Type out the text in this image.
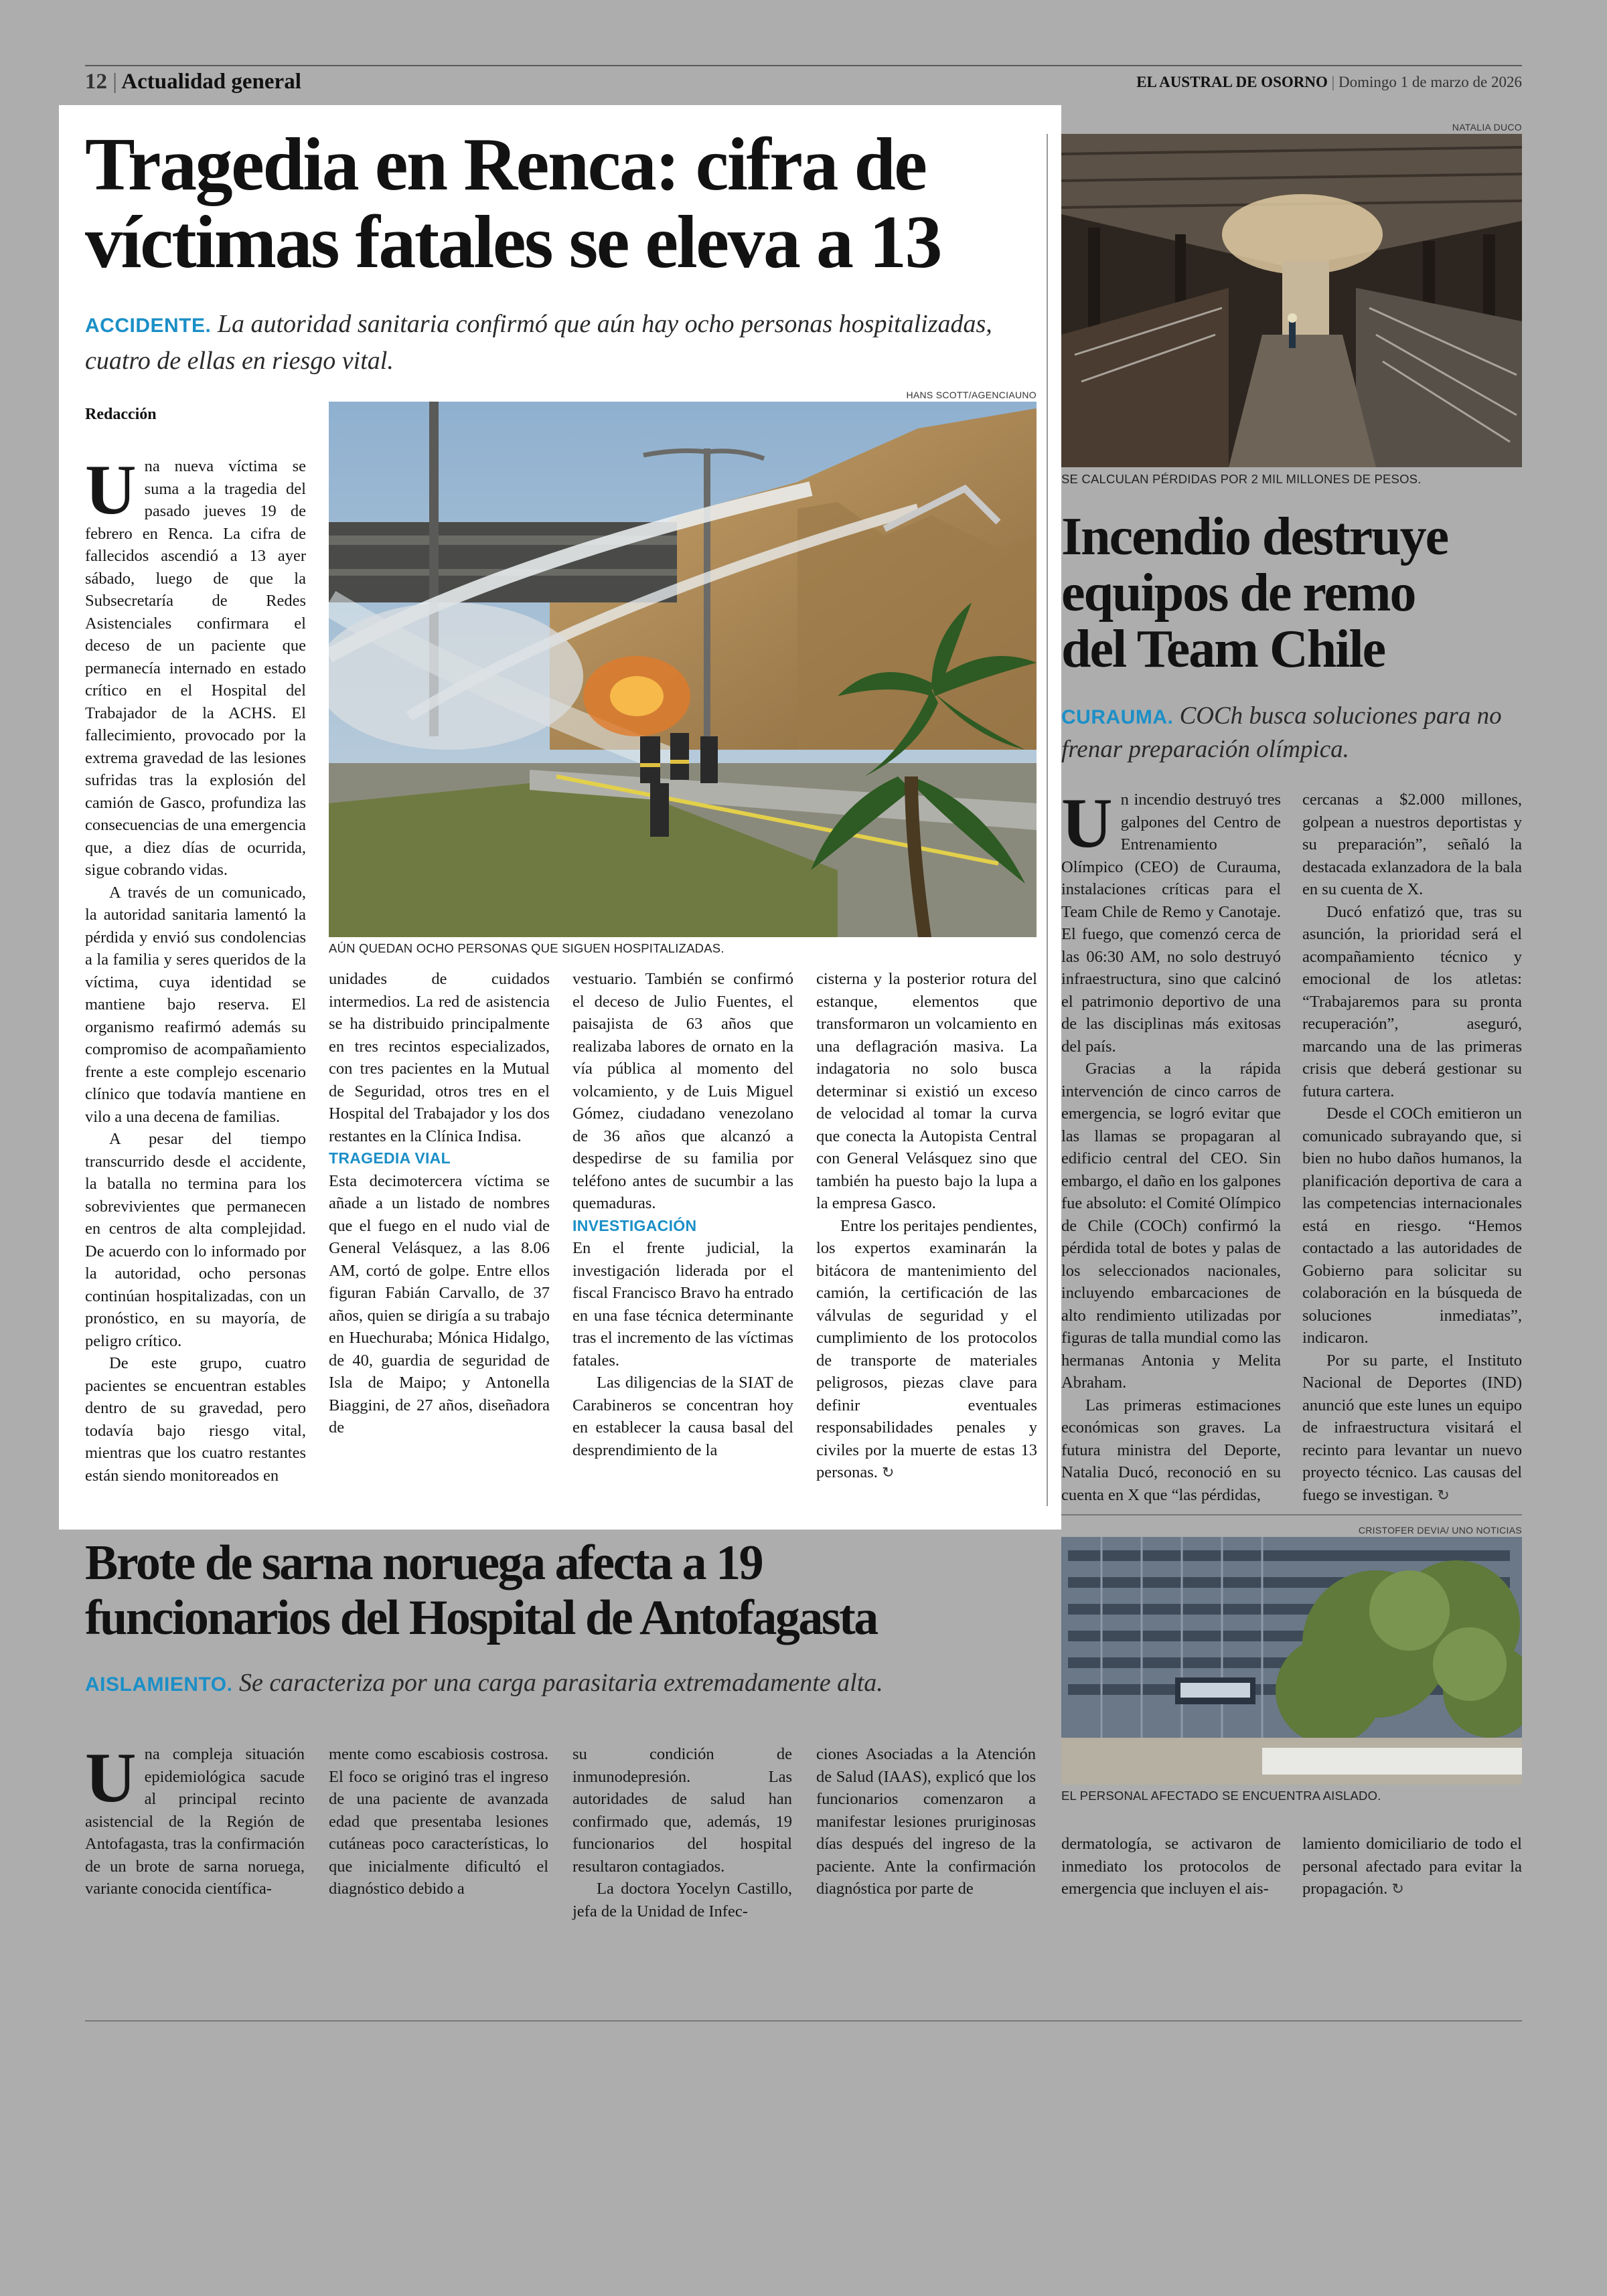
12 | Actualidad general	EL AUSTRAL DE OSORNO | Domingo 1 de marzo de 2026
Tragedia en Renca: cifra de
víctimas fatales se eleva a 13
ACCIDENTE. La autoridad sanitaria confirmó que aún hay ocho personas hospitalizadas, cuatro de ellas en riesgo vital.
Redacción
HANS SCOTT/AGENCIAUNO
AÚN QUEDAN OCHO PERSONAS QUE SIGUEN HOSPITALIZADAS.

Una nueva víctima se suma a la tragedia del pasado jueves 19 de febrero en Renca. La cifra de fallecidos ascendió a 13 ayer sábado, luego de que la Subsecretaría de Redes Asistenciales confirmara el deceso de un paciente que permanecía internado en estado crítico en el Hospital del Trabajador de la ACHS. El fallecimiento, provocado por la extrema gravedad de las lesiones sufridas tras la explosión del camión de Gasco, profundiza las consecuencias de una emergencia que, a diez días de ocurrida, sigue cobrando vidas.

A través de un comunicado, la autoridad sanitaria lamentó la pérdida y envió sus condolencias a la familia y seres queridos de la víctima, cuya identidad se mantiene bajo reserva. El organismo reafirmó además su compromiso de acompañamiento frente a este complejo escenario clínico que todavía mantiene en vilo a una decena de familias.

A pesar del tiempo transcurrido desde el accidente, la batalla no termina para los sobrevivientes que permanecen en centros de alta complejidad. De acuerdo con lo informado por la autoridad, ocho personas continúan hospitalizadas, con un pronóstico, en su mayoría, de peligro crítico.

De este grupo, cuatro pacientes se encuentran estables dentro de su gravedad, pero todavía bajo riesgo vital, mientras que los cuatro restantes están siendo monitoreados en

unidades de cuidados intermedios. La red de asistencia se ha distribuido principalmente en tres recintos especializados, con tres pacientes en la Mutual de Seguridad, otros tres en el Hospital del Trabajador y los dos restantes en la Clínica Indisa.

TRAGEDIA VIAL

Esta decimotercera víctima se añade a un listado de nombres que el fuego en el nudo vial de General Velásquez, a las 8.06 AM, cortó de golpe. Entre ellos figuran Fabián Carvallo, de 37 años, quien se dirigía a su trabajo en Huechuraba; Mónica Hidalgo, de 40, guardia de seguridad de Isla de Maipo; y Antonella Biaggini, de 27 años, diseñadora de

vestuario. También se confirmó el deceso de Julio Fuentes, el paisajista de 63 años que realizaba labores de ornato en la vía pública al momento del volcamiento, y de Luis Miguel Gómez, ciudadano venezolano de 36 años que alcanzó a despedirse de su familia por teléfono antes de sucumbir a las quemaduras.

INVESTIGACIÓN

En el frente judicial, la investigación liderada por el fiscal Francisco Bravo ha entrado en una fase técnica determinante tras el incremento de las víctimas fatales.

Las diligencias de la SIAT de Carabineros se concentran hoy en establecer la causa basal del desprendimiento de la

cisterna y la posterior rotura del estanque, elementos que transformaron un volcamiento en una deflagración masiva. La indagatoria no solo busca determinar si existió un exceso de velocidad al tomar la curva que conecta la Autopista Central con General Velásquez sino que también ha puesto bajo la lupa a la empresa Gasco.

Entre los peritajes pendientes, los expertos examinarán la bitácora de mantenimiento del camión, la certificación de las válvulas de seguridad y el cumplimiento de los protocolos de transporte de materiales peligrosos, piezas clave para definir eventuales responsabilidades penales y civiles por la muerte de estas 13 personas. ↻

NATALIA DUCO
SE CALCULAN PÉRDIDAS POR 2 MIL MILLONES DE PESOS.
Incendio destruye
equipos de remo
del Team Chile
CURAUMA. COCh busca soluciones para no frenar preparación olímpica.

Un incendio destruyó tres galpones del Centro de Entrenamiento Olímpico (CEO) de Curauma, instalaciones críticas para el Team Chile de Remo y Canotaje. El fuego, que comenzó cerca de las 06:30 AM, no solo destruyó infraestructura, sino que calcinó el patrimonio deportivo de una de las disciplinas más exitosas del país.

Gracias a la rápida intervención de cinco carros de emergencia, se logró evitar que las llamas se propagaran al edificio central del CEO. Sin embargo, el daño en los galpones fue absoluto: el Comité Olímpico de Chile (COCh) confirmó la pérdida total de botes y palas de los seleccionados nacionales, incluyendo embarcaciones de alto rendimiento utilizadas por figuras de talla mundial como las hermanas Antonia y Melita Abraham.

Las primeras estimaciones económicas son graves. La futura ministra del Deporte, Natalia Ducó, reconoció en su cuenta en X que “las pérdidas,

cercanas a $2.000 millones, golpean a nuestros deportistas y su preparación”, señaló la destacada exlanzadora de la bala en su cuenta de X.

Ducó enfatizó que, tras su asunción, la prioridad será el acompañamiento técnico y emocional de los atletas: “Trabajaremos para su pronta recuperación”, aseguró, marcando una de las primeras crisis que deberá gestionar su futura cartera.

Desde el COCh emitieron un comunicado subrayando que, si bien no hubo daños humanos, la planificación deportiva de cara a las competencias internacionales está en riesgo. “Hemos contactado a las autoridades de Gobierno para solicitar su colaboración en la búsqueda de soluciones inmediatas”, indicaron.

Por su parte, el Instituto Nacional de Deportes (IND) anunció que este lunes un equipo de infraestructura visitará el recinto para levantar un nuevo proyecto técnico. Las causas del fuego se investigan. ↻

Brote de sarna noruega afecta a 19
funcionarios del Hospital de Antofagasta
AISLAMIENTO. Se caracteriza por una carga parasitaria extremadamente alta.
CRISTOFER DEVIA/ UNO NOTICIAS
EL PERSONAL AFECTADO SE ENCUENTRA AISLADO.

Una compleja situación epidemiológica sacude al principal recinto asistencial de la Región de Antofagasta, tras la confirmación de un brote de sarna noruega, variante conocida científica-

mente como escabiosis costrosa. El foco se originó tras el ingreso de una paciente de avanzada edad que presentaba lesiones cutáneas poco características, lo que inicialmente dificultó el diagnóstico debido a

su condición de inmunodepresión. Las autoridades de salud han confirmado que, además, 19 funcionarios del hospital resultaron contagiados.

La doctora Yocelyn Castillo, jefa de la Unidad de Infec-

ciones Asociadas a la Atención de Salud (IAAS), explicó que los funcionarios comenzaron a manifestar lesiones pruriginosas días después del ingreso de la paciente. Ante la confirmación diagnóstica por parte de

dermatología, se activaron de inmediato los protocolos de emergencia que incluyen el ais-

lamiento domiciliario de todo el personal afectado para evitar la propagación. ↻
